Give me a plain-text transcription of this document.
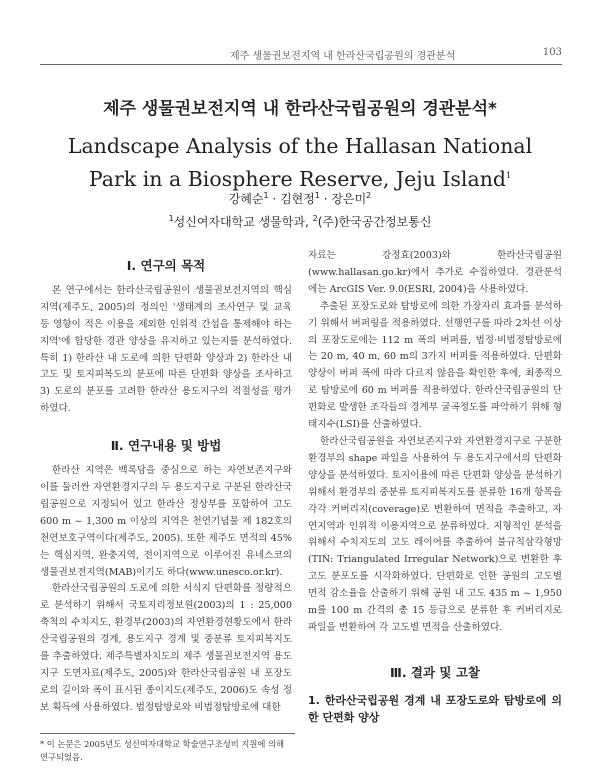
제주 생물권보전지역 내 한라산국립공원의 경관분석	103
제주 생물권보전지역 내 한라산국립공원의 경관분석*
Landscape Analysis of the Hallasan National Park in a Biosphere Reserve, Jeju Island$^1$
강혜순$^1$ · 김현정$^1$ · 장은미$^2$
$^1$성신여자대학교 생물학과, $^2$(주)한국공간정보통신
Ⅰ. 연구의 목적

본 연구에서는 한라산국립공원이 생물권보전지역의 핵심지역(제주도, 2005)의 정의인 '생태계의 조사연구 및 교육 등 영향이 적은 이용을 제외한 인위적 간섭을 통제해야 하는 지역'에 합당한 경관 양상을 유지하고 있는지를 분석하였다. 특히 1) 한라산 내 도로에 의한 단편화 양상과 2) 한라산 내 고도 및 토지피복도의 분포에 따른 단편화 양상을 조사하고 3) 도로의 분포를 고려한 한라산 용도지구의 적절성을 평가하였다.

Ⅱ. 연구내용 및 방법

한라산 지역은 백록담을 중심으로 하는 자연보존지구와 이를 둘러싼 자연환경지구의 두 용도지구로 구분된 한라산국립공원으로 지정되어 있고 한라산 정상부를 포함하여 고도 600 m ~ 1,300 m 이상의 지역은 천연기념물 제 182호의 천연보호구역이다(제주도, 2005). 또한 제주도 면적의 45%는 핵심지역, 완충지역, 전이지역으로 이루어진 유네스코의 생물권보전지역(MAB)이기도 하다(www.unesco.or.kr).

한라산국립공원의 도로에 의한 서식지 단편화를 정량적으로 분석하기 위해서 국토지리정보원(2003)의 1 : 25,000 축척의 수치지도, 환경부(2003)의 자연환경현황도에서 한라산국립공원의 경계, 용도지구 경계 및 중분류 토지피복지도를 추출하였다. 제주특별자치도의 제주 생물권보전지역 용도지구 도면자료(제주도, 2005)와 한라산국립공원 내 포장도로의 길이와 폭이 표시된 종이지도(제주도, 2006)도 속성 정보 획득에 사용하였다. 법정탐방로와 비법정탐방로에 대한

* 이 논문은 2005년도 성신여자대학교 학술연구조성비 지원에 의해 연구되었음.

자료는 강정효(2003)와 한라산국립공원(www.hallasan.go.kr)에서 추가로 수집하였다. 경관분석에는 ArcGIS Ver. 9.0(ESRI, 2004)을 사용하였다.

추출된 포장도로와 탐방로에 의한 가장자리 효과를 분석하기 위해서 버퍼링을 적용하였다. 선행연구를 따라 2차선 이상의 포장도로에는 112 m 폭의 버퍼를, 법정·비법정탐방로에는 20 m, 40 m, 60 m의 3가지 버퍼를 적용하였다. 단편화 양상이 버퍼 폭에 따라 다르지 않음을 확인한 후에, 최종적으로 탐방로에 60 m 버퍼를 적용하였다. 한라산국립공원의 단편화로 발생한 조각들의 경계부 굴곡정도를 파악하기 위해 형태지수(LSI)를 산출하였다.

한라산국립공원을 자연보존지구와 자연환경지구로 구분한 환경부의 shape 파일을 사용하여 두 용도지구에서의 단편화 양상을 분석하였다. 토지이용에 따른 단편화 양상을 분석하기 위해서 환경부의 중분류 토지피복지도를 분류한 16개 항목을 각각 커버리지(coverage)로 변환하여 면적을 추출하고, 자연지역과 인위적 이용지역으로 분류하였다. 지형적인 분석을 위해서 수치지도의 고도 레이어를 추출하여 불규칙삼각형망(TIN: Triangulated Irregular Network)으로 변환한 후 고도 분포도를 시각화하였다. 단편화로 인한 공원의 고도별 면적 감소율을 산출하기 위해 공원 내 고도 435 m ~ 1,950 m를 100 m 간격의 총 15 등급으로 분류한 후 커버리지로 파일을 변환하여 각 고도별 면적을 산출하였다.

Ⅲ. 결과 및 고찰
1. 한라산국립공원 경계 내 포장도로와 탐방로에 의한 단편화 양상
